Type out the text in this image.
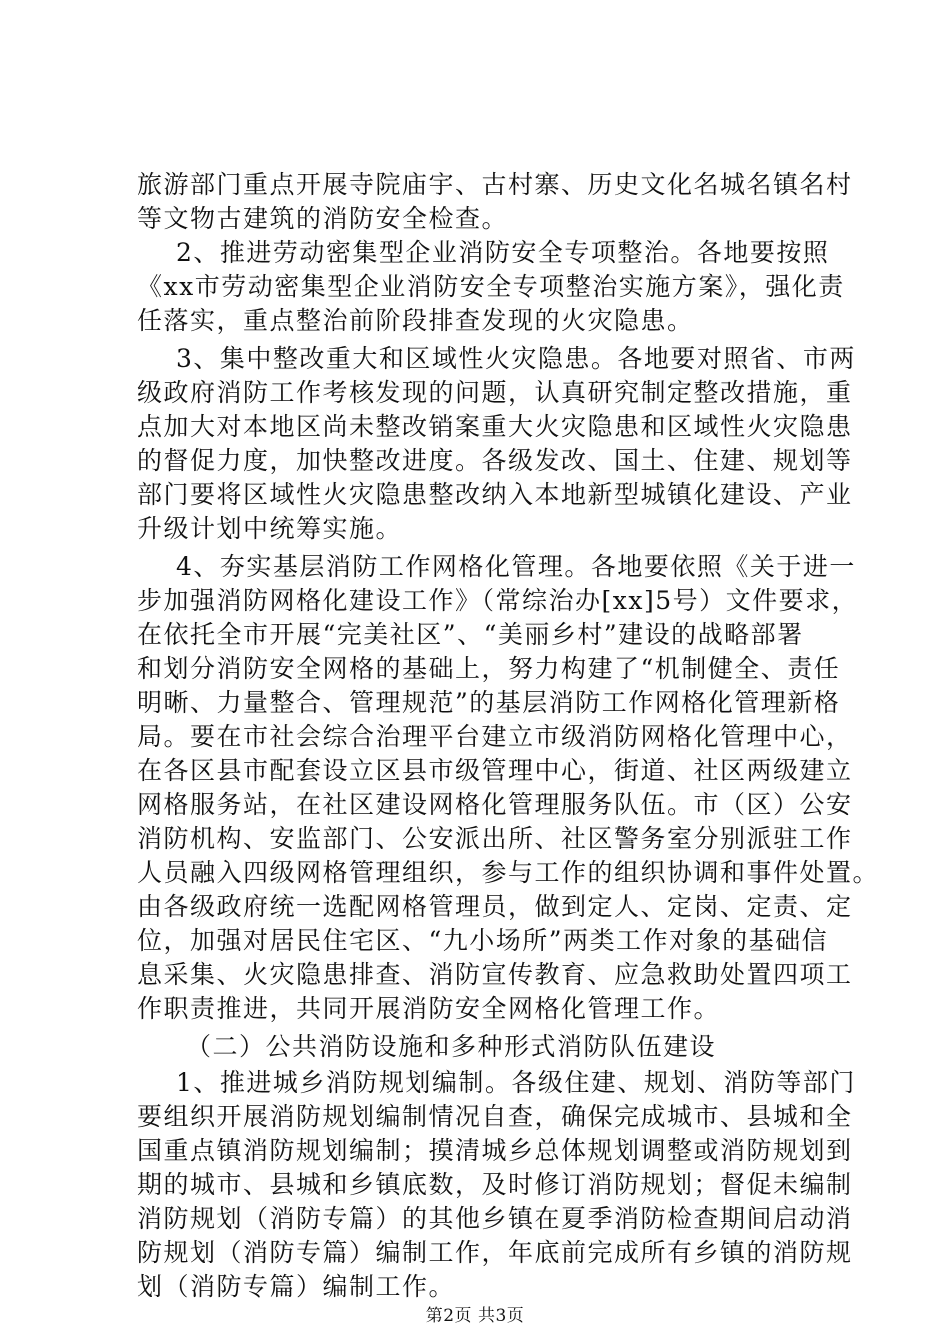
旅游部门重点开展寺院庙宇、古村寨、历史文化名城名镇名村
等文物古建筑的消防安全检查。
2、推进劳动密集型企业消防安全专项整治。各地要按照
《xx市劳动密集型企业消防安全专项整治实施方案》，强化责
任落实，重点整治前阶段排查发现的火灾隐患。
3、集中整改重大和区域性火灾隐患。各地要对照省、市两
级政府消防工作考核发现的问题，认真研究制定整改措施，重
点加大对本地区尚未整改销案重大火灾隐患和区域性火灾隐患
的督促力度，加快整改进度。各级发改、国土、住建、规划等
部门要将区域性火灾隐患整改纳入本地新型城镇化建设、产业
升级计划中统筹实施。
4、夯实基层消防工作网格化管理。各地要依照《关于进一
步加强消防网格化建设工作》（常综治办[xx]5号）文件要求，
在依托全市开展“完美社区”、“美丽乡村”建设的战略部署
和划分消防安全网格的基础上，努力构建了“机制健全、责任
明晰、力量整合、管理规范”的基层消防工作网格化管理新格
局。要在市社会综合治理平台建立市级消防网格化管理中心，
在各区县市配套设立区县市级管理中心，街道、社区两级建立
网格服务站，在社区建设网格化管理服务队伍。市（区）公安
消防机构、安监部门、公安派出所、社区警务室分别派驻工作
人员融入四级网格管理组织，参与工作的组织协调和事件处置。
由各级政府统一选配网格管理员，做到定人、定岗、定责、定
位，加强对居民住宅区、“九小场所”两类工作对象的基础信
息采集、火灾隐患排查、消防宣传教育、应急救助处置四项工
作职责推进，共同开展消防安全网格化管理工作。
（二）公共消防设施和多种形式消防队伍建设
1、推进城乡消防规划编制。各级住建、规划、消防等部门
要组织开展消防规划编制情况自查，确保完成城市、县城和全
国重点镇消防规划编制；摸清城乡总体规划调整或消防规划到
期的城市、县城和乡镇底数，及时修订消防规划；督促未编制
消防规划（消防专篇）的其他乡镇在夏季消防检查期间启动消
防规划（消防专篇）编制工作，年底前完成所有乡镇的消防规
划（消防专篇）编制工作。
第2页 共3页
